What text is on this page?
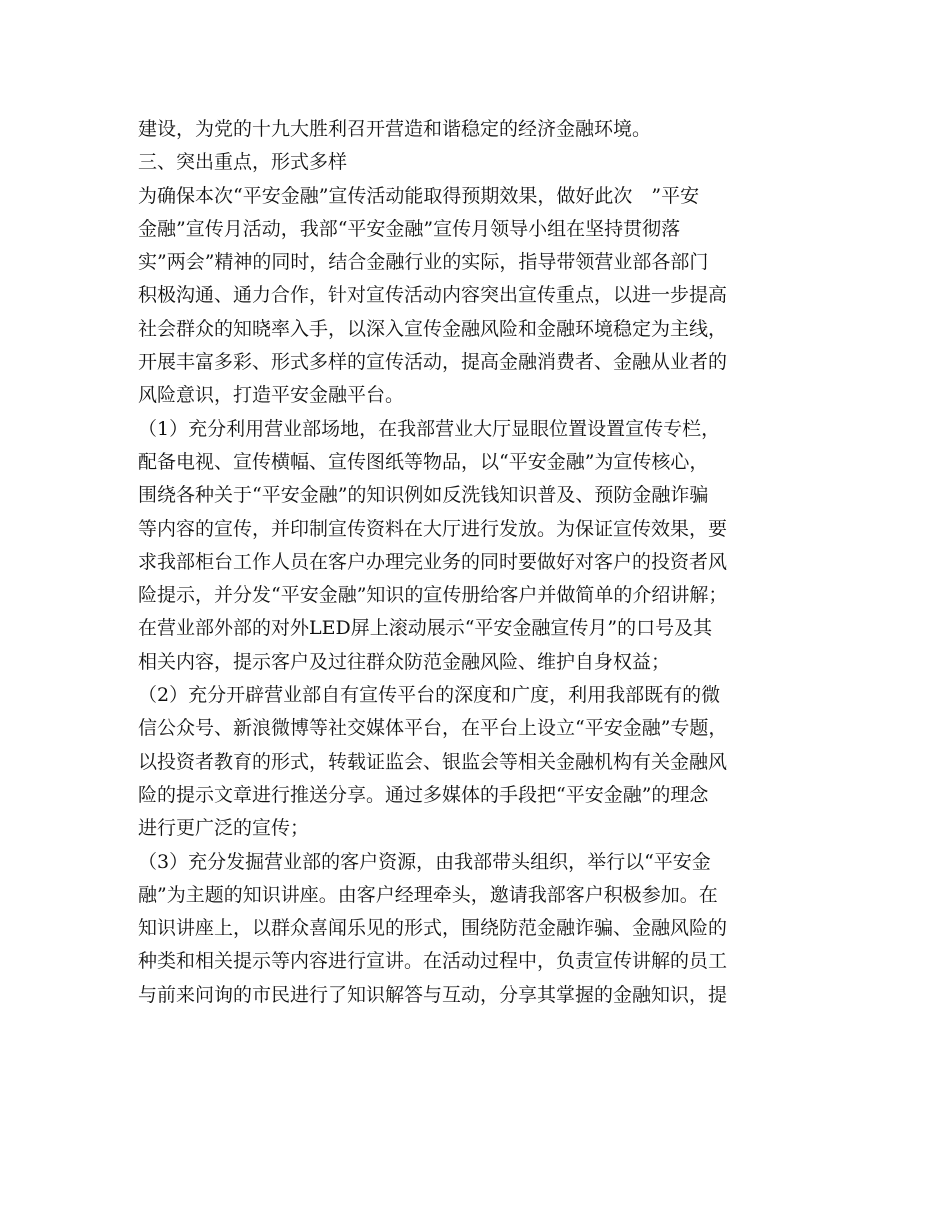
建设，为党的十九大胜利召开营造和谐稳定的经济金融环境。
三、突出重点，形式多样
为确保本次“平安金融”宣传活动能取得预期效果，做好此次　”平安
金融”宣传月活动，我部“平安金融”宣传月领导小组在坚持贯彻落
实”两会”精神的同时，结合金融行业的实际，指导带领营业部各部门
积极沟通、通力合作，针对宣传活动内容突出宣传重点，以进一步提高
社会群众的知晓率入手，以深入宣传金融风险和金融环境稳定为主线，
开展丰富多彩、形式多样的宣传活动，提高金融消费者、金融从业者的
风险意识，打造平安金融平台。
（1）充分利用营业部场地，在我部营业大厅显眼位置设置宣传专栏，
配备电视、宣传横幅、宣传图纸等物品，以“平安金融”为宣传核心，
围绕各种关于“平安金融”的知识例如反洗钱知识普及、预防金融诈骗
等内容的宣传，并印制宣传资料在大厅进行发放。为保证宣传效果，要
求我部柜台工作人员在客户办理完业务的同时要做好对客户的投资者风
险提示，并分发“平安金融”知识的宣传册给客户并做简单的介绍讲解；
在营业部外部的对外LED屏上滚动展示“平安金融宣传月”的口号及其
相关内容，提示客户及过往群众防范金融风险、维护自身权益；
（2）充分开辟营业部自有宣传平台的深度和广度，利用我部既有的微
信公众号、新浪微博等社交媒体平台，在平台上设立“平安金融”专题，
以投资者教育的形式，转载证监会、银监会等相关金融机构有关金融风
险的提示文章进行推送分享。通过多媒体的手段把“平安金融”的理念
进行更广泛的宣传；
（3）充分发掘营业部的客户资源，由我部带头组织，举行以“平安金
融”为主题的知识讲座。由客户经理牵头，邀请我部客户积极参加。在
知识讲座上，以群众喜闻乐见的形式，围绕防范金融诈骗、金融风险的
种类和相关提示等内容进行宣讲。在活动过程中，负责宣传讲解的员工
与前来问询的市民进行了知识解答与互动，分享其掌握的金融知识，提
